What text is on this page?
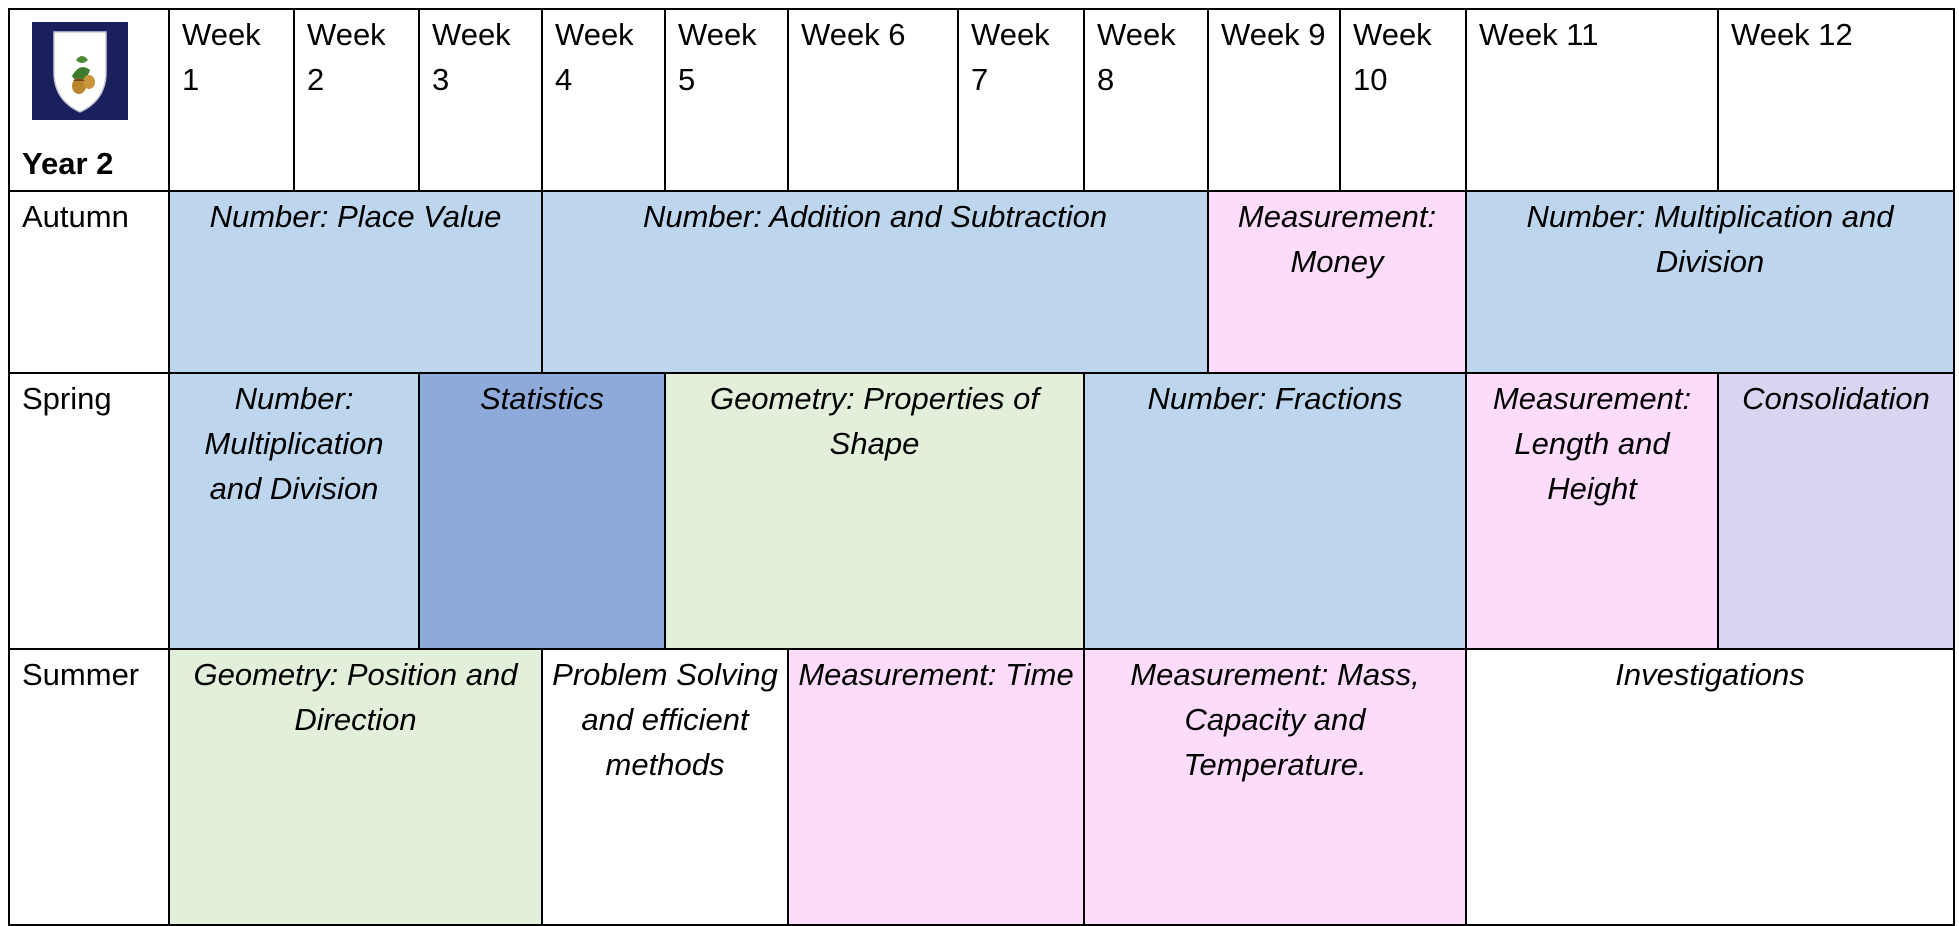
Year 2	Week 1	Week 2	Week 3	Week 4	Week 5	Week 6	Week 7	Week 8	Week 9	Week 10	Week 11	Week 12
Autumn	Number: Place Value			Number: Addition and Subtraction					Measurement: Money		Number: Multiplication and Division	
Spring	Number: Multiplication and Division		Statistics		Geometry: Properties of Shape			Number: Fractions			Measurement: Length and Height	Consolidation
Summer	Geometry: Position and Direction			Problem Solving and efficient methods		Measurement: Time		Measurement: Mass, Capacity and Temperature.			Investigations	
